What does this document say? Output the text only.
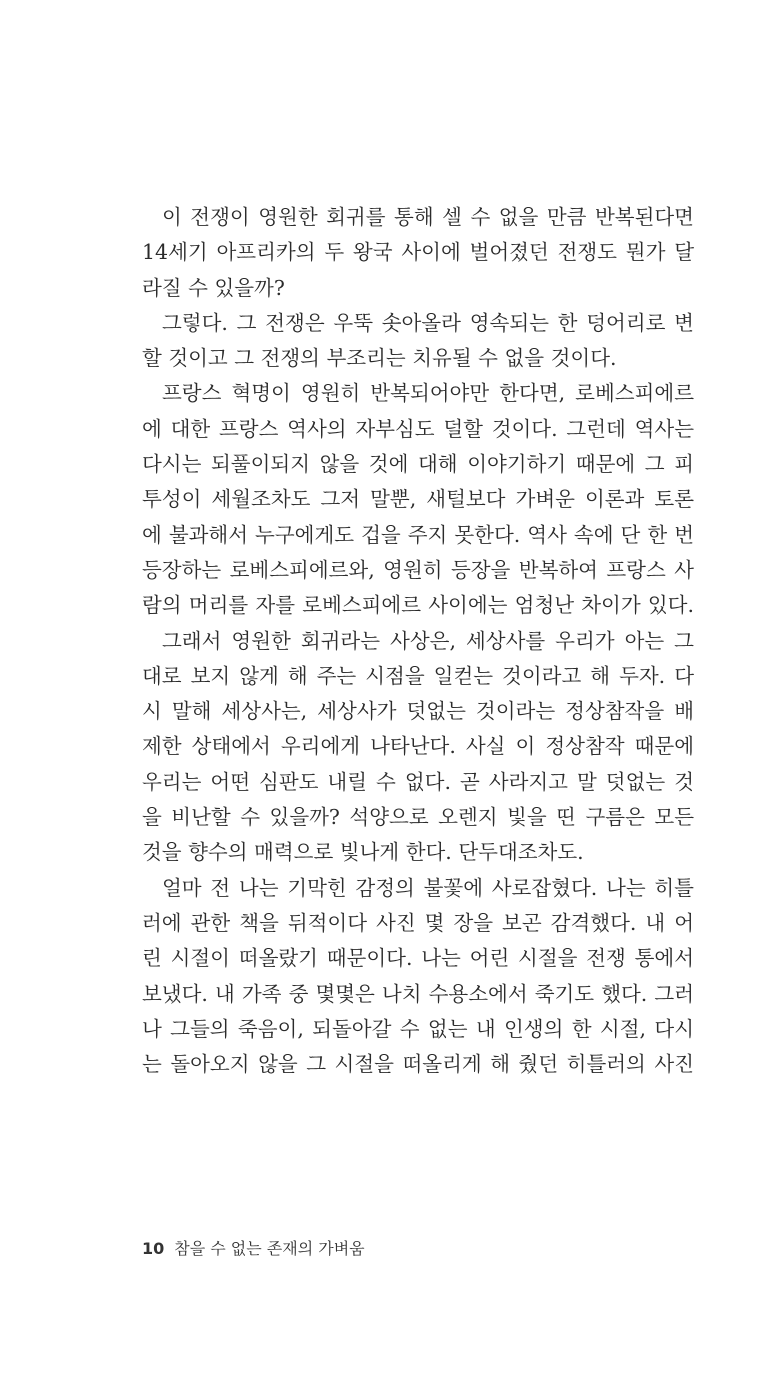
이 전쟁이 영원한 회귀를 통해 셀 수 없을 만큼 반복된다면
14세기 아프리카의 두 왕국 사이에 벌어졌던 전쟁도 뭔가 달
라질 수 있을까?
그렇다. 그 전쟁은 우뚝 솟아올라 영속되는 한 덩어리로 변
할 것이고 그 전쟁의 부조리는 치유될 수 없을 것이다.
프랑스 혁명이 영원히 반복되어야만 한다면, 로베스피에르
에 대한 프랑스 역사의 자부심도 덜할 것이다. 그런데 역사는
다시는 되풀이되지 않을 것에 대해 이야기하기 때문에 그 피
투성이 세월조차도 그저 말뿐, 새털보다 가벼운 이론과 토론
에 불과해서 누구에게도 겁을 주지 못한다. 역사 속에 단 한 번
등장하는 로베스피에르와, 영원히 등장을 반복하여 프랑스 사
람의 머리를 자를 로베스피에르 사이에는 엄청난 차이가 있다.
그래서 영원한 회귀라는 사상은, 세상사를 우리가 아는 그
대로 보지 않게 해 주는 시점을 일컫는 것이라고 해 두자. 다
시 말해 세상사는, 세상사가 덧없는 것이라는 정상참작을 배
제한 상태에서 우리에게 나타난다. 사실 이 정상참작 때문에
우리는 어떤 심판도 내릴 수 없다. 곧 사라지고 말 덧없는 것
을 비난할 수 있을까? 석양으로 오렌지 빛을 띤 구름은 모든
것을 향수의 매력으로 빛나게 한다. 단두대조차도.
얼마 전 나는 기막힌 감정의 불꽃에 사로잡혔다. 나는 히틀
러에 관한 책을 뒤적이다 사진 몇 장을 보곤 감격했다. 내 어
린 시절이 떠올랐기 때문이다. 나는 어린 시절을 전쟁 통에서
보냈다. 내 가족 중 몇몇은 나치 수용소에서 죽기도 했다. 그러
나 그들의 죽음이, 되돌아갈 수 없는 내 인생의 한 시절, 다시
는 돌아오지 않을 그 시절을 떠올리게 해 줬던 히틀러의 사진
10 참을 수 없는 존재의 가벼움
